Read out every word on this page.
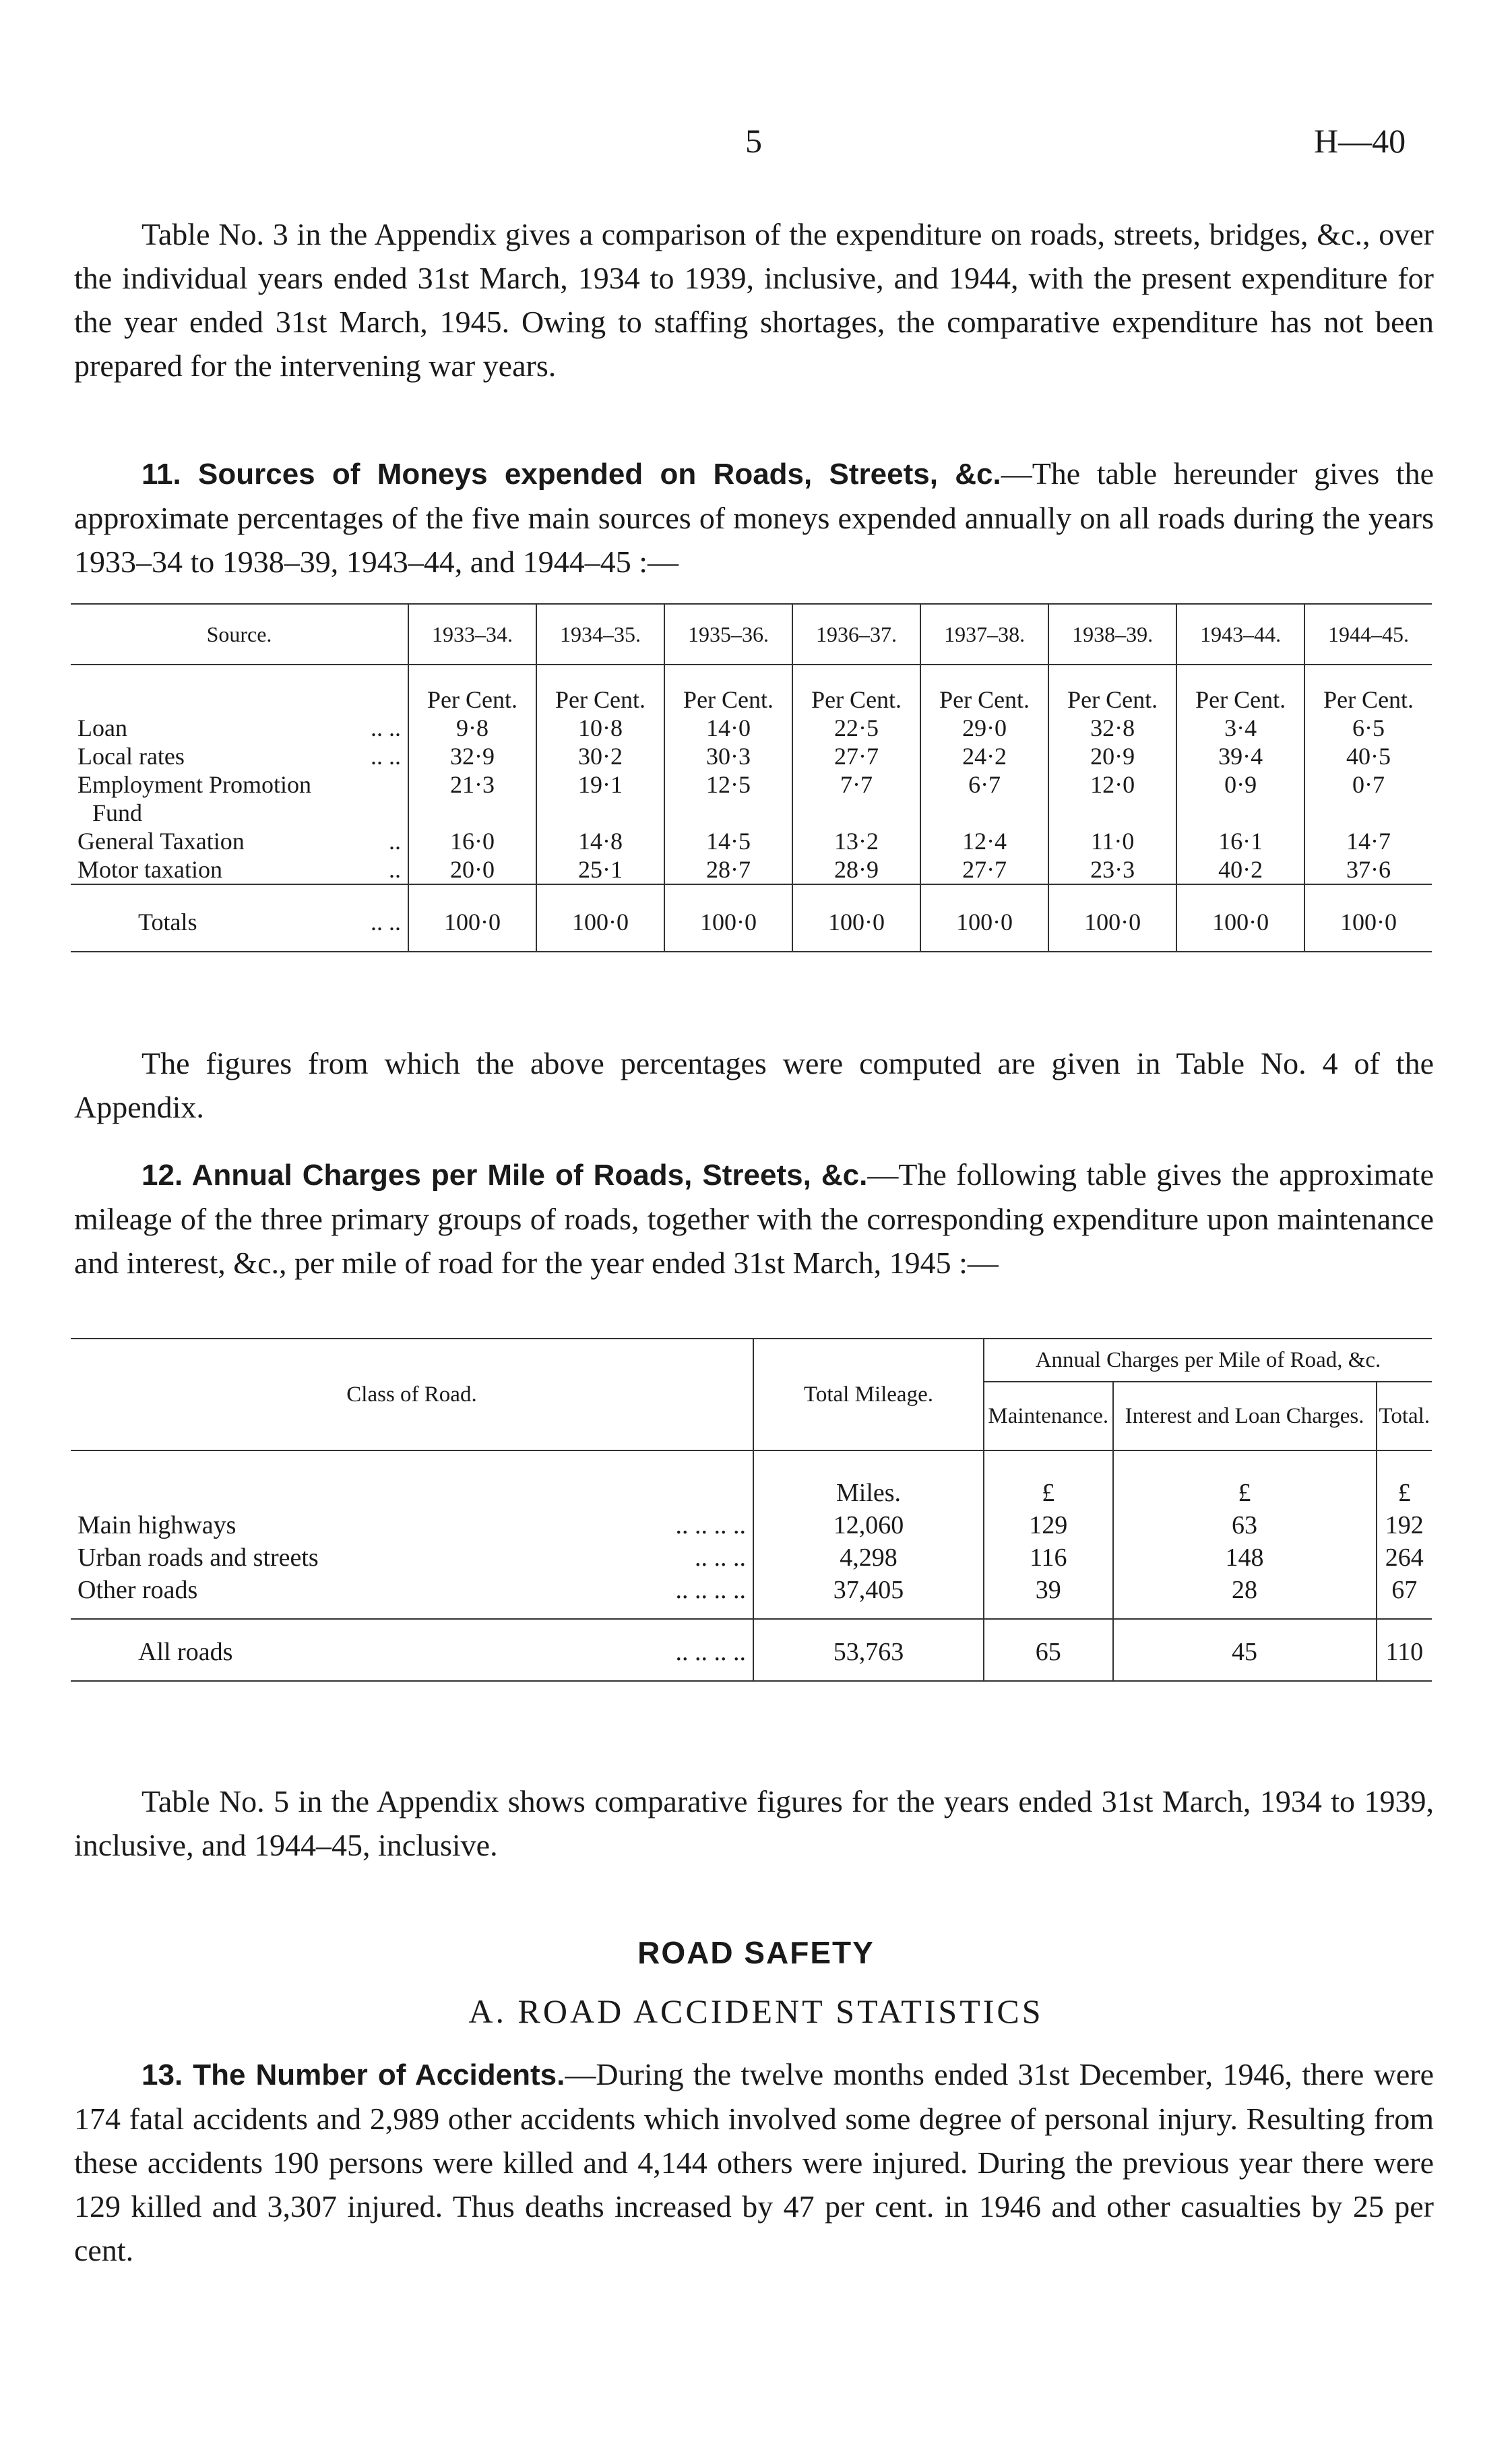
5	H—40

Table No. 3 in the Appendix gives a comparison of the expenditure on roads, streets, bridges, &c., over the individual years ended 31st March, 1934 to 1939, inclusive, and 1944, with the present expenditure for the year ended 31st March, 1945. Owing to staffing shortages, the comparative expenditure has not been prepared for the intervening war years.

11. Sources of Moneys expended on Roads, Streets, &c.—The table hereunder gives the approximate percentages of the five main sources of moneys expended annually on all roads during the years 1933–34 to 1938–39, 1943–44, and 1944–45 :—

Source.	1933–34.	1934–35.	1935–36.	1936–37.	1937–38.	1938–39.	1943–44.	1944–45.
	Per Cent.	Per Cent.	Per Cent.	Per Cent.	Per Cent.	Per Cent.	Per Cent.	Per Cent.
Loan .. ..	9·8	10·8	14·0	22·5	29·0	32·8	3·4	6·5
Local rates .. ..	32·9	30·2	30·3	27·7	24·2	20·9	39·4	40·5
Employment Promotion
Fund	21·3	19·1	12·5	7·7	6·7	12·0	0·9	0·7
General Taxation ..	16·0	14·8	14·5	13·2	12·4	11·0	16·1	14·7
Motor taxation ..	20·0	25·1	28·7	28·9	27·7	23·3	40·2	37·6
Totals .. ..	100·0	100·0	100·0	100·0	100·0	100·0	100·0	100·0

The figures from which the above percentages were computed are given in Table No. 4 of the Appendix.

12. Annual Charges per Mile of Roads, Streets, &c.—The following table gives the approximate mileage of the three primary groups of roads, together with the corresponding expenditure upon maintenance and interest, &c., per mile of road for the year ended 31st March, 1945 :—

Class of Road.	Total Mileage.	Annual Charges per Mile of Road, &c.		
		Maintenance.	Interest and Loan Charges.	Total.
	Miles.	£	£	£
Main highways .. .. .. ..	12,060	129	63	192
Urban roads and streets .. .. ..	4,298	116	148	264
Other roads .. .. .. ..	37,405	39	28	67
All roads .. .. .. ..	53,763	65	45	110

Table No. 5 in the Appendix shows comparative figures for the years ended 31st March, 1934 to 1939, inclusive, and 1944–45, inclusive.

ROAD SAFETY

A. ROAD ACCIDENT STATISTICS

13. The Number of Accidents.—During the twelve months ended 31st December, 1946, there were 174 fatal accidents and 2,989 other accidents which involved some degree of personal injury. Resulting from these accidents 190 persons were killed and 4,144 others were injured. During the previous year there were 129 killed and 3,307 injured. Thus deaths increased by 47 per cent. in 1946 and other casualties by 25 per cent.
